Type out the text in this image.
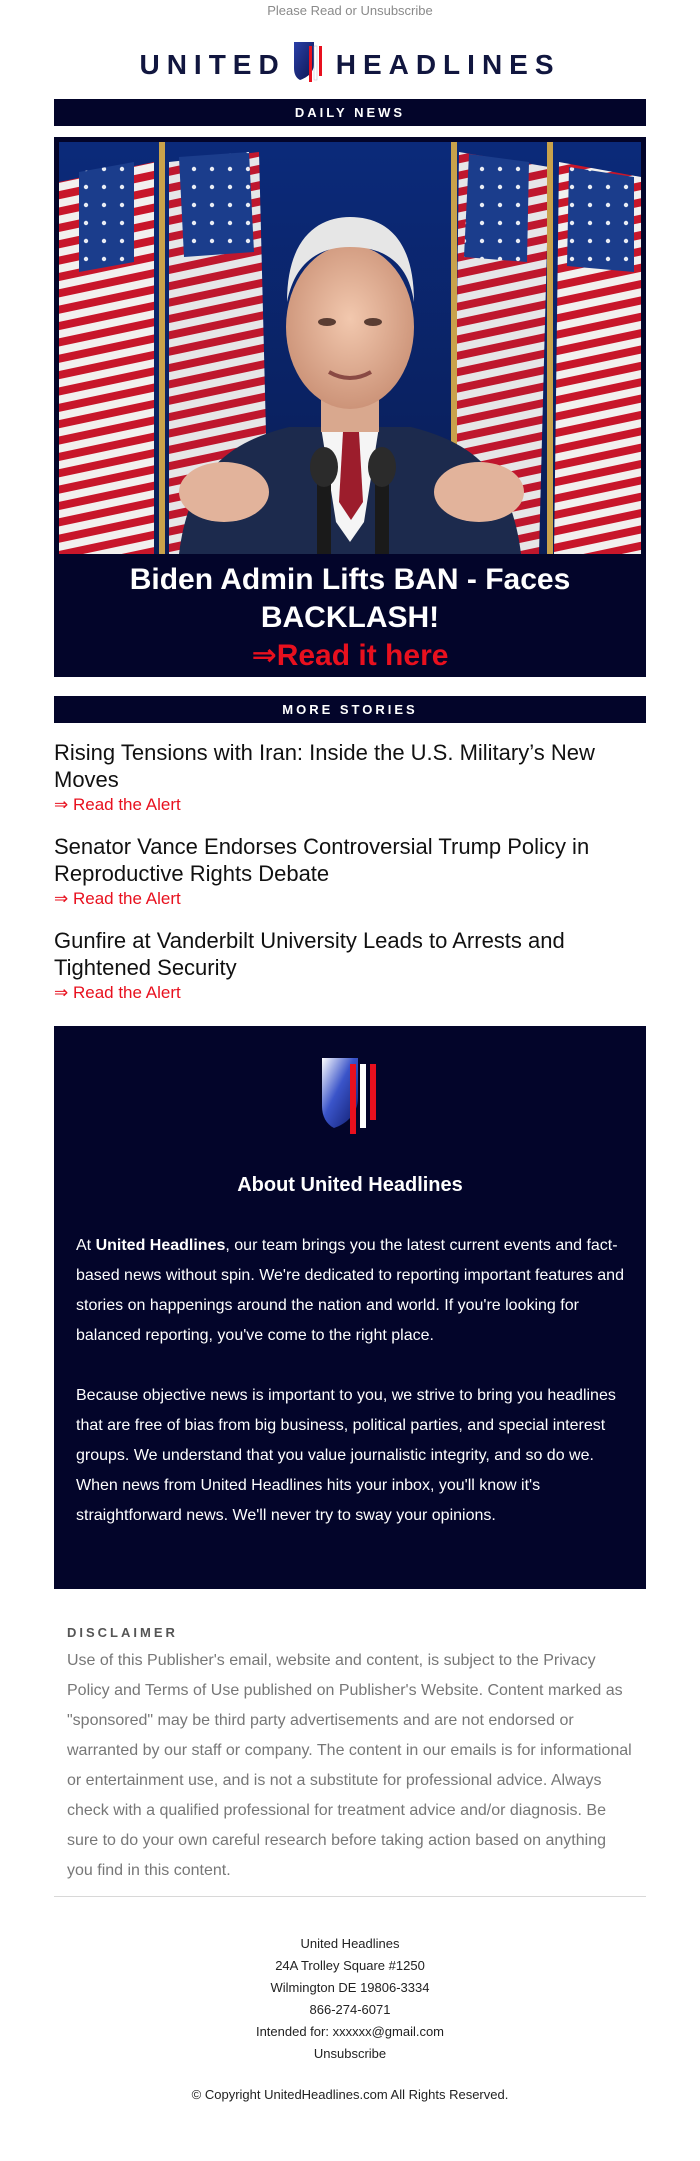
Please Read or Unsubscribe
UNITED HEADLINES
DAILY NEWS
Biden Admin Lifts BAN - Faces BACKLASH!
⇒Read it here
MORE STORIES
Rising Tensions with Iran: Inside the U.S. Military’s New Moves
⇒ Read the Alert
Senator Vance Endorses Controversial Trump Policy in Reproductive Rights Debate
⇒ Read the Alert
Gunfire at Vanderbilt University Leads to Arrests and Tightened Security
⇒ Read the Alert
About United Headlines

At United Headlines, our team brings you the latest current events and fact-based news without spin. We're dedicated to reporting important features and stories on happenings around the nation and world. If you're looking for balanced reporting, you've come to the right place.

Because objective news is important to you, we strive to bring you headlines that are free of bias from big business, political parties, and special interest groups. We understand that you value journalistic integrity, and so do we. When news from United Headlines hits your inbox, you'll know it's straightforward news. We'll never try to sway your opinions.

DISCLAIMER
Use of this Publisher's email, website and content, is subject to the Privacy Policy and Terms of Use published on Publisher's Website. Content marked as "sponsored" may be third party advertisements and are not endorsed or warranted by our staff or company. The content in our emails is for informational or entertainment use, and is not a substitute for professional advice. Always check with a qualified professional for treatment advice and/or diagnosis. Be sure to do your own careful research before taking action based on anything you find in this content.
United Headlines
24A Trolley Square #1250
Wilmington DE 19806-3334
866-274-6071
Intended for: xxxxxx@gmail.com
Unsubscribe
© Copyright UnitedHeadlines.com All Rights Reserved.
